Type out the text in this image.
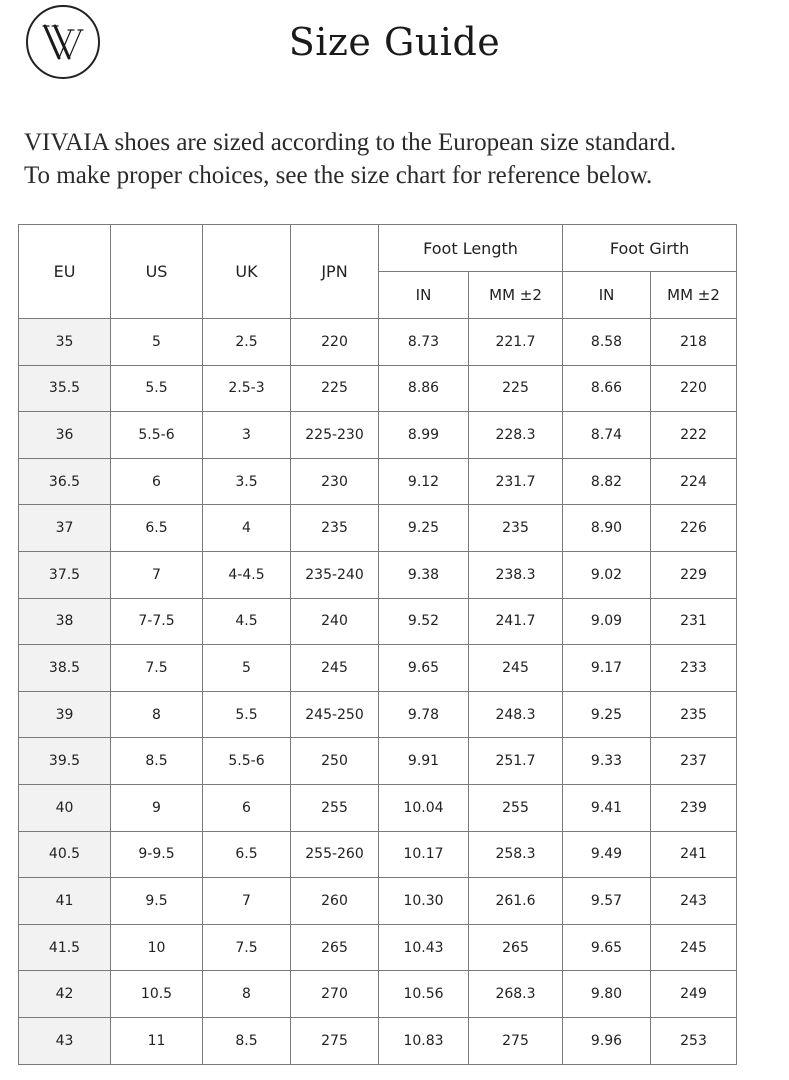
Size Guide
VIVAIA shoes are sized according to the European size standard.
To make proper choices, see the size chart for reference below.
EU	US	UK	JPN	Foot Length		Foot Girth	
				IN	MM ±2	IN	MM ±2
35	5	2.5	220	8.73	221.7	8.58	218
35.5	5.5	2.5-3	225	8.86	225	8.66	220
36	5.5-6	3	225-230	8.99	228.3	8.74	222
36.5	6	3.5	230	9.12	231.7	8.82	224
37	6.5	4	235	9.25	235	8.90	226
37.5	7	4-4.5	235-240	9.38	238.3	9.02	229
38	7-7.5	4.5	240	9.52	241.7	9.09	231
38.5	7.5	5	245	9.65	245	9.17	233
39	8	5.5	245-250	9.78	248.3	9.25	235
39.5	8.5	5.5-6	250	9.91	251.7	9.33	237
40	9	6	255	10.04	255	9.41	239
40.5	9-9.5	6.5	255-260	10.17	258.3	9.49	241
41	9.5	7	260	10.30	261.6	9.57	243
41.5	10	7.5	265	10.43	265	9.65	245
42	10.5	8	270	10.56	268.3	9.80	249
43	11	8.5	275	10.83	275	9.96	253
